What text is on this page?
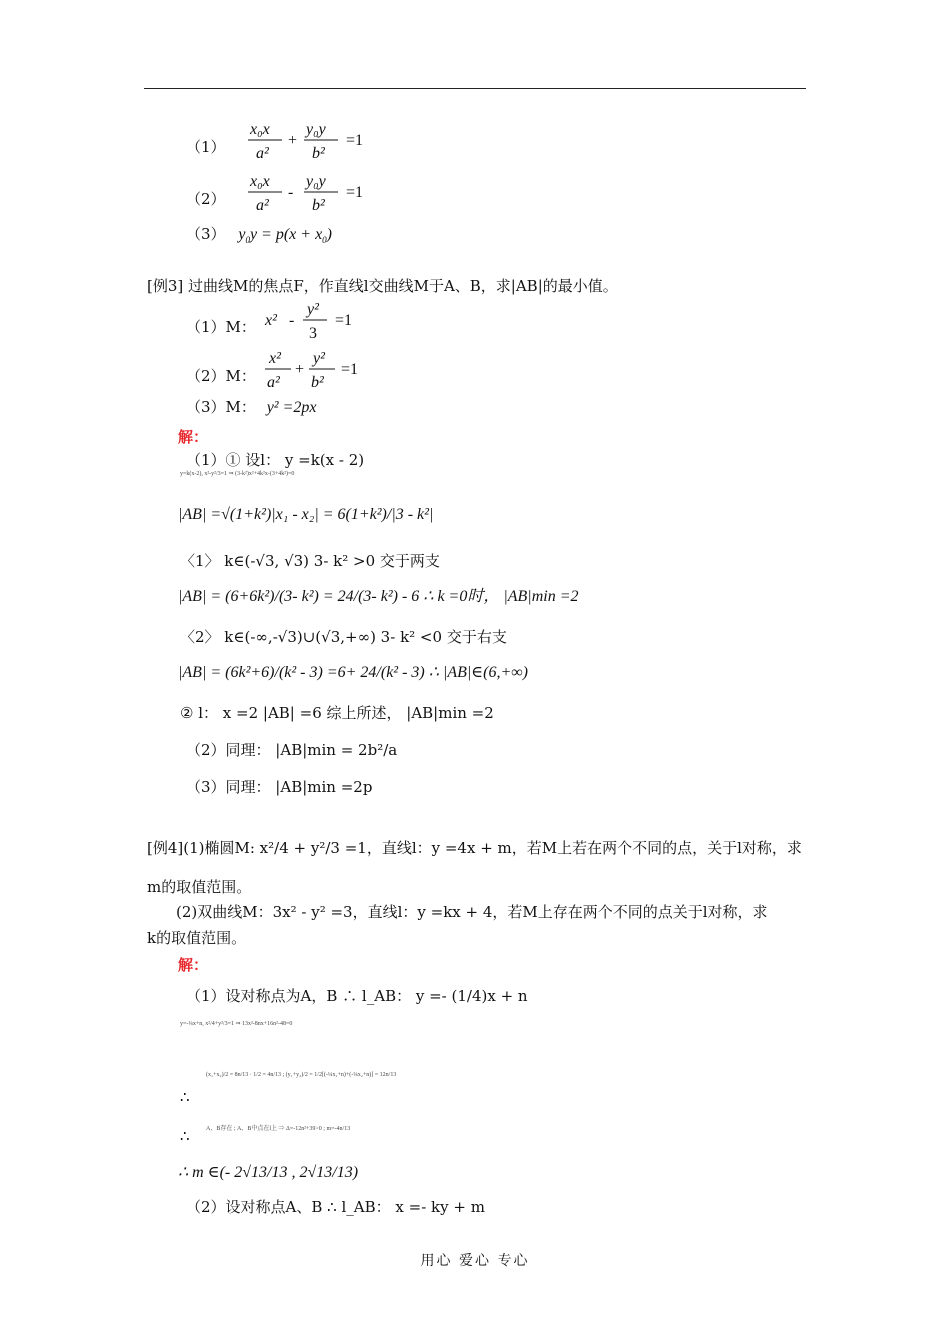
（1）
x₀x
a²
+
y₀y
b²
=1
（2）
x₀x
a²
-
y₀y
b²
=1
（3） $y_0y = p(x + x_0)$
[例3] 过曲线M的焦点F，作直线l交曲线M于A、B，求|AB|的最小值。
（1）M： x² -
y²
3
=1
（2）M：
x²
a²
+
y²
b²
=1
（3）M： y² =2px
解：
（1）① 设l： y =k(x - 2)
y=k(x-2), x²-y²/3=1 ⇒ (3-k²)x²+4k²x-(3+4k²)=0
|AB| =√(1+k²)|x₁ - x₂| = 6(1+k²)/|3 - k²|
〈1〉 k∈(-√3, √3) 3- k² >0 交于两支
|AB| = (6+6k²)/(3- k²) = 24/(3- k²) - 6 ∴ k =0时， |AB|min =2
〈2〉 k∈(-∞,-√3)∪(√3,+∞) 3- k² <0 交于右支
|AB| = (6k²+6)/(k² - 3) =6+ 24/(k² - 3) ∴ |AB|∈(6,+∞)
② l： x =2 |AB| =6 综上所述， |AB|min =2
（2）同理： |AB|min = 2b²/a
（3）同理： |AB|min =2p
[例4](1)椭圆M: x²/4 + y²/3 =1，直线l：y =4x + m，若M上若在两个不同的点，关于l对称，求
m的取值范围。
(2)双曲线M：3x² - y² =3，直线l：y =kx + 4，若M上存在两个不同的点关于l对称，求
k的取值范围。
解：
（1）设对称点为A，B ∴ l_AB： y =- (1/4)x + n
y=-¼x+n, x²/4+y²/3=1 ⇒ 13x²-8nx+16n²-48=0
∴
(x₁+x₂)/2 = 8n/13 · 1/2 = 4n/13 ; (y₁+y₂)/2 = 1/2[(-¼x₁+n)+(-¼x₂+n)] = 12n/13
∴	A、B存在 ; A、B中点在l上 ⇒ Δ=-12n²+39>0 ; m=-4n/13
∴ m ∈(- 2√13/13 , 2√13/13)
（2）设对称点A、B ∴ l_AB： x =- ky + m
用心 爱心 专心
